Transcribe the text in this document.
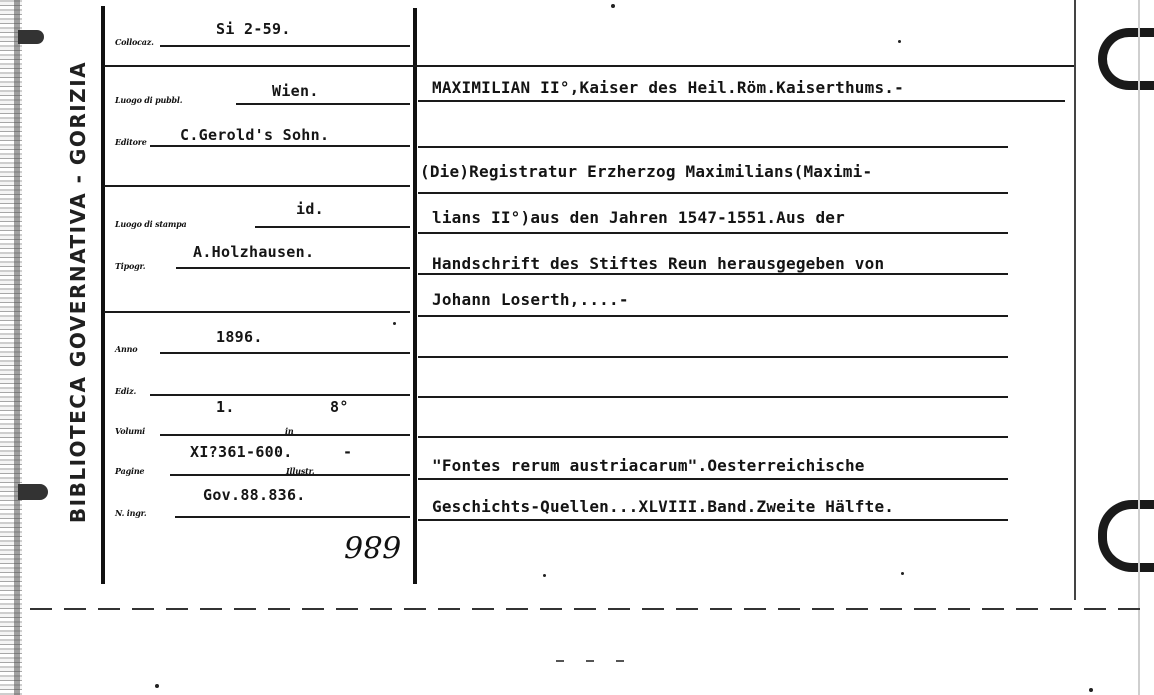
BIBLIOTECA GOVERNATIVA - GORIZIA
Collocaz.
Si 2-59.
Luogo di pubbl.	Wien.
Editore C.Gerold's Sohn.
Luogo di stampa
id.
Tipogr.
A.Holzhausen.
Anno
1896.
Ediz.
Volumi
1.
in
8°
Pagine
XI?361-600.	-
Illustr.
N. ingr.
Gov.88.836.
686
MAXIMILIAN II°,Kaiser des Heil.Röm.Kaiserthums.-
(Die)Registratur Erzherzog Maximilians(Maximi-
lians II°)aus den Jahren 1547-1551.Aus der
Handschrift des Stiftes Reun herausgegeben von
Johann Loserth,....-
"Fontes rerum austriacarum".Oesterreichische
Geschichts-Quellen...XLVIII.Band.Zweite Hälfte.
